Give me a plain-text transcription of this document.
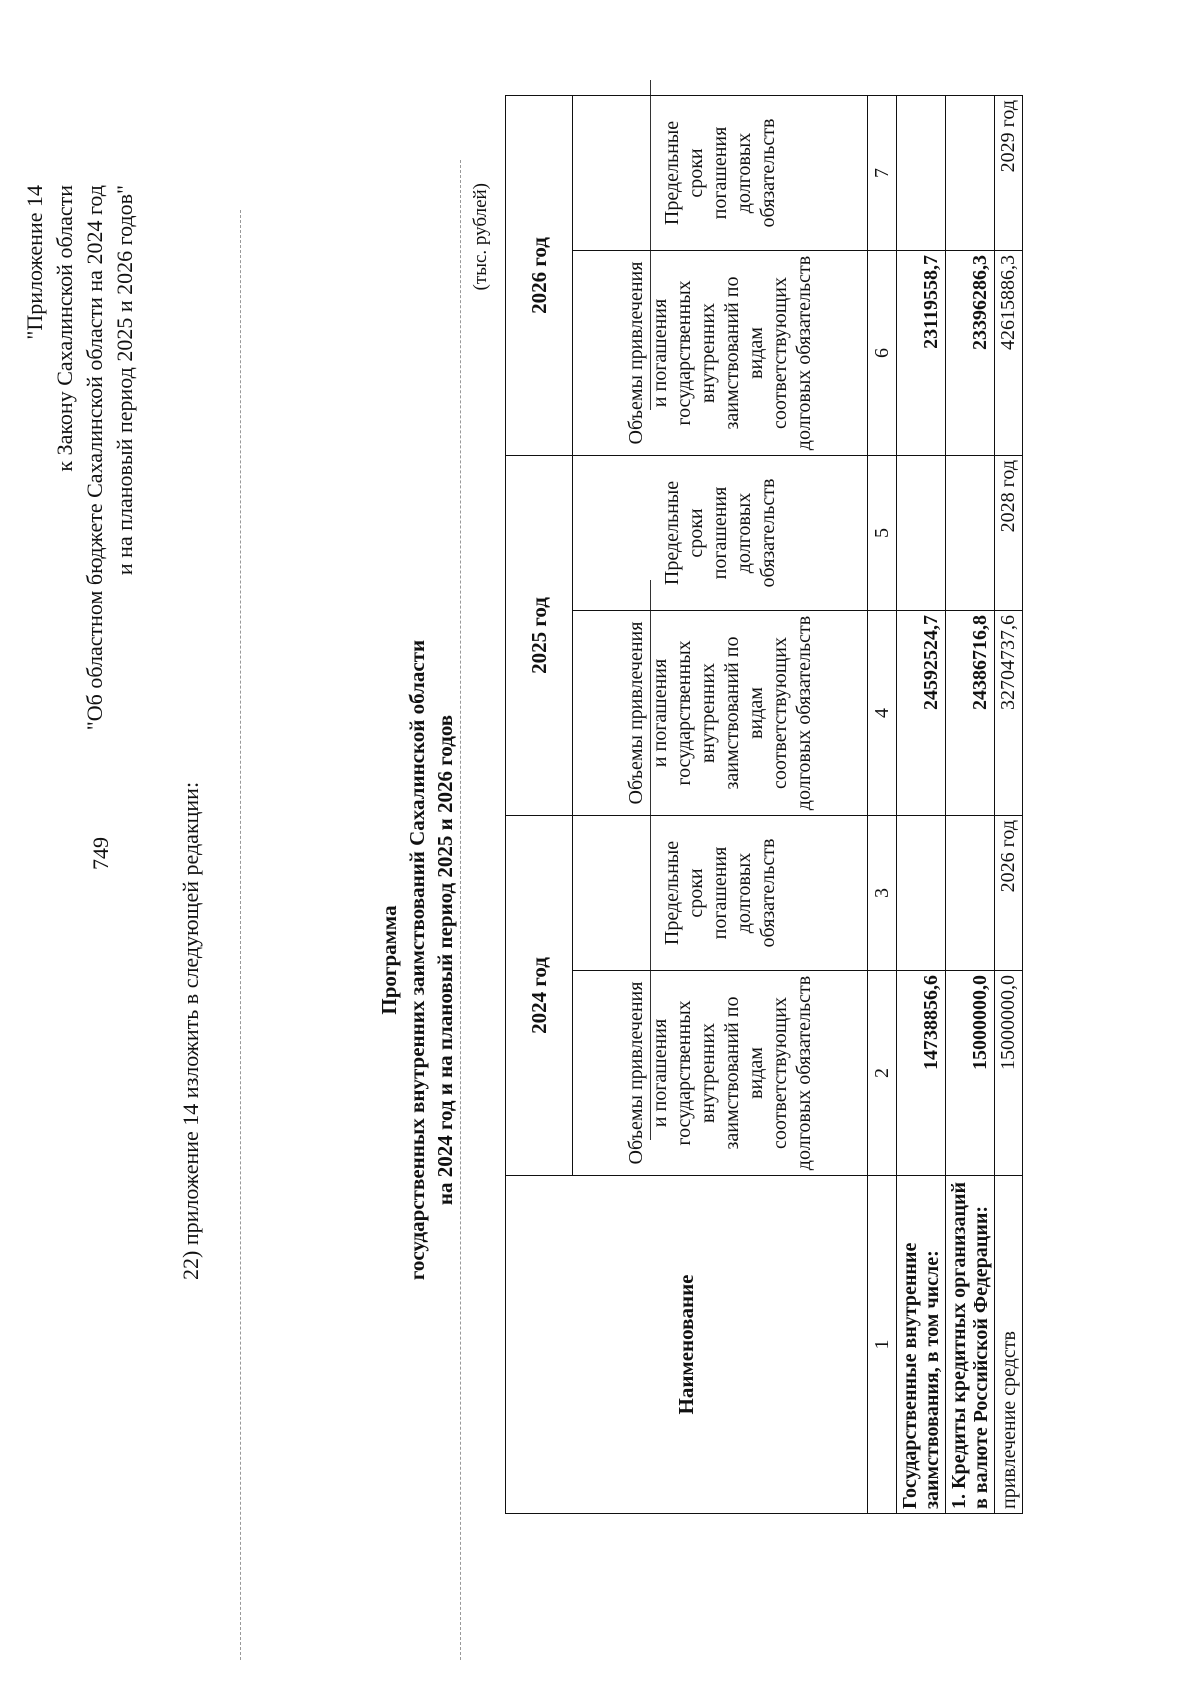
749	22) приложение 14 изложить в следующей редакции:
"Приложение 14 к Закону Сахалинской области "Об областном бюджете Сахалинской области на 2024 год и на плановый период 2025 и 2026 годов"
Программа государственных внутренних заимствований Сахалинской области на 2024 год и на плановый период 2025 и 2026 годов
(тыс. рублей)
Наименование	2024 год		2025 год		2026 год	
	Объемы привлечения и погашения государственных внутренних заимствований по видам соответствующих долговых обязательств	Предельные сроки погашения долговых обязательств	Объемы привлечения и погашения государственных внутренних заимствований по видам соответствующих долговых обязательств	Предельные сроки погашения долговых обязательств	Объемы привлечения и погашения государственных внутренних заимствований по видам соответствующих долговых обязательств	Предельные сроки погашения долговых обязательств
1	2	3	4	5	6	7
Государственные внутренние заимствования, в том числе:	14738856,6		24592524,7		23119558,7	
1. Кредиты кредитных организаций в валюте Российской Федерации:	15000000,0		24386716,8		23396286,3	
привлечение средств	15000000,0	2026 год	32704737,6	2028 год	42615886,3	2029 год
